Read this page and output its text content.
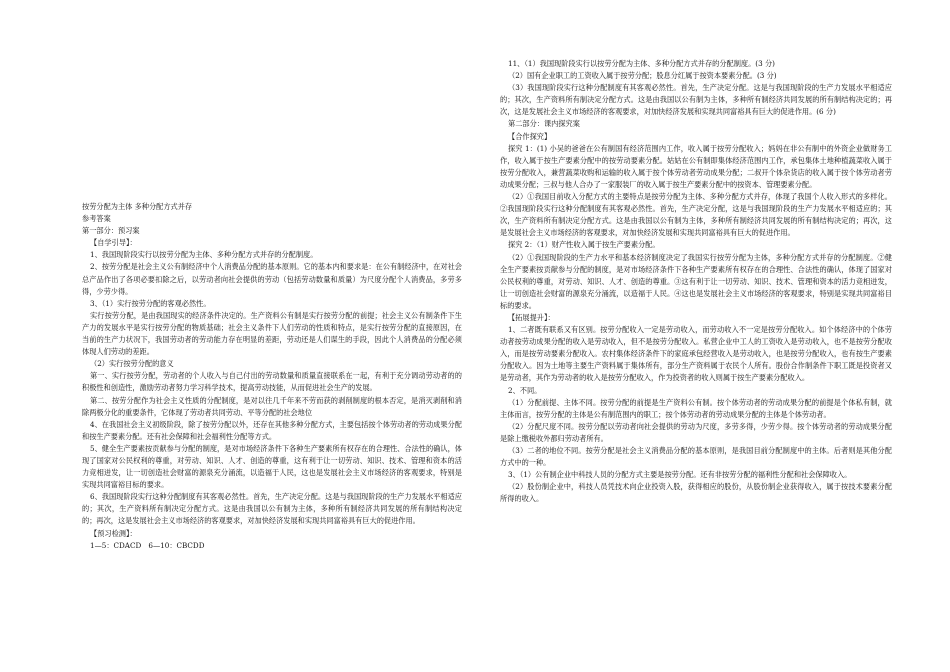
按劳分配为主体 多种分配方式并存

参考答案

第一部分：预习案

【自学引导】：

1、我国现阶段实行以按劳分配为主体、多种分配方式并存的分配制度。

2、按劳分配是社会主义公有制经济中个人消费品分配的基本原则。它的基本内和要求是：在公有制经济中，在对社会总产品作出了各项必要扣除之后，以劳动者向社会提供的劳动（包括劳动数量和质量）为尺度分配个人消费品，多劳多得，少劳少得。

3、（1）实行按劳分配的客观必然性。

实行按劳分配，是由我国现实的经济条件决定的。生产资料公有制是实行按劳分配的前提；社会主义公有制条件下生产力的发展水平是实行按劳分配的物质基础；社会主义条件下人们劳动的性质和特点，是实行按劳分配的直接原因，在当前的生产力状况下，我国劳动者的劳动能力存在明显的差距，劳动还是人们谋生的手段，因此个人消费品的分配必须体现人们劳动的差距。

（2）实行按劳分配的意义

第一、实行按劳分配，劳动者的个人收入与自己付出的劳动数量和质量直接联系在一起，有利于充分调动劳动者的的积极性和创造性，激励劳动者努力学习科学技术，提高劳动技能，从而促进社会生产的发展。

第二、按劳分配作为社会主义性质的分配制度，是对以往几千年来不劳而获的剥削制度的根本否定，是消灭剥削和消除两极分化的重要条件，它体现了劳动者共同劳动、平等分配的社会地位

4、在我国社会主义初级阶段，除了按劳分配以外，还存在其他多种分配方式，主要包括按个体劳动者的劳动成果分配和按生产要素分配。还有社会保障和社会福利性分配等方式。

5、健全生产要素按贡献参与分配的制度，是对市场经济条件下各种生产要素所有权存在的合理性、合法性的确认，体现了国家对公民权利的尊重，对劳动、知识、人才、创造的尊重，这有利于让一切劳动、知识、技术、管理和资本的活力竞相迸发，让一切创造社会财富的源泉充分涌流，以造福于人民，这也是发展社会主义市场经济的客观要求，特别是实现共同富裕目标的要求。

6、我国现阶段实行这种分配制度有其客观必然性。首先，生产决定分配。这是与我国现阶段的生产力发展水平相适应的；其次，生产资料所有制决定分配方式。这是由我国以公有制为主体，多种所有制经济共同发展的所有制结构决定的；再次，这是发展社会主义市场经济的客观要求，对加快经济发展和实现共同富裕具有巨大的促进作用。

【预习检测】：

1—5：CDACD　6—10：CBCDD

11、（1）我国现阶段实行以按劳分配为主体、多种分配方式并存的分配制度。(3 分)

（2）国有企业职工的工资收入属于按劳分配；股息分红属于按资本要素分配。(3 分)

（3）我国现阶段实行这种分配制度有其客观必然性。首先，生产决定分配。这是与我国现阶段的生产力发展水平相适应的；其次，生产资料所有制决定分配方式。这是由我国以公有制为主体，多种所有制经济共同发展的所有制结构决定的；再次，这是发展社会主义市场经济的客观要求，对加快经济发展和实现共同富裕具有巨大的促进作用。(6 分)

第二部分：课内探究案

【合作探究】

探究 1：(1) 小吴的爸爸在公有制国有经济范围内工作，收入属于按劳分配收入；妈妈在非公有制中的外资企业做财务工作，收入属于按生产要素分配中的按劳动要素分配。姑姑在公有制即集体经济范围内工作，承包集体土地种植蔬菜收入属于按劳分配收入，兼营蔬菜收购和运输的收入属于按个体劳动者劳动成果分配；二叔开个体杂货店的收入属于按个体劳动者劳动成果分配；三叔与他人合办了一家服装厂的收入属于按生产要素分配中的按资本、管理要素分配。

（2）①我国目前收入分配方式的主要特点是按劳分配为主体、多种分配方式并存，体现了我国个人收入形式的多样化。②我国现阶段实行这种分配制度有其客观必然性。首先，生产决定分配，这是与我国现阶段的生产力发展水平相适应的；其次，生产资料所有制决定分配方式。这是由我国以公有制为主体，多种所有制经济共同发展的所有制结构决定的；再次，这是发展社会主义市场经济的客观要求，对加快经济发展和实现共同富裕具有巨大的促进作用。

探究 2：（1）财产性收入属于按生产要素分配。

（2）①我国现阶段的生产力水平和基本经济制度决定了我国实行按劳分配为主体，多种分配方式并存的分配制度。②健全生产要素按贡献参与分配的制度，是对市场经济条件下各种生产要素所有权存在的合理性、合法性的确认，体现了国家对公民权利的尊重，对劳动、知识、人才、创造的尊重。③这有利于让一切劳动、知识、技术、管理和资本的活力竞相迸发，让一切创造社会财富的源泉充分涌流，以造福于人民。④这也是发展社会主义市场经济的客观要求，特别是实现共同富裕目标的要求。

【拓展提升】：

1、二者既有联系又有区别。按劳分配收入一定是劳动收入，而劳动收入不一定是按劳分配收入。如个体经济中的个体劳动者按劳动成果分配的收入是劳动收入，但不是按劳分配收入。私营企业中工人的工资收入是劳动收入，也不是按劳分配收入，而是按劳动要素分配收入。农村集体经济条件下的家庭承包经营收入是劳动收入，也是按劳分配收入，也有按生产要素分配收入。因为土地等主要生产资料属于集体所有，部分生产资料属于农民个人所有。股份合作制条件下职工既是投资者又是劳动者，其作为劳动者的收入是按劳分配收入，作为投资者的收入则属于按生产要素分配收入。

2、不同。

（1）分配前提、主体不同。按劳分配的前提是生产资料公有制。按个体劳动者的劳动成果分配的前提是个体私有制，就主体而言，按劳分配的主体是公有制范围内的职工；按个体劳动者的劳动成果分配的主体是个体劳动者。

（2）分配尺度不同。按劳分配以劳动者向社会提供的劳动为尺度，多劳多得，少劳少得。按个体劳动者的劳动成果分配是除上缴税收外都归劳动者所有。

（3）二者的地位不同。按劳分配是社会主义消费品分配的基本原则，是我国目前分配制度中的主体。后者则是其他分配方式中的一种。

3、（1）公有制企业中科技人员的分配方式主要是按劳分配。还有非按劳分配的福利性分配和社会保障收入。

（2）股份制企业中，科技人员凭技术向企业投资入股，获得相应的股份，从股份制企业获得收入，属于按技术要素分配所得的收入。
